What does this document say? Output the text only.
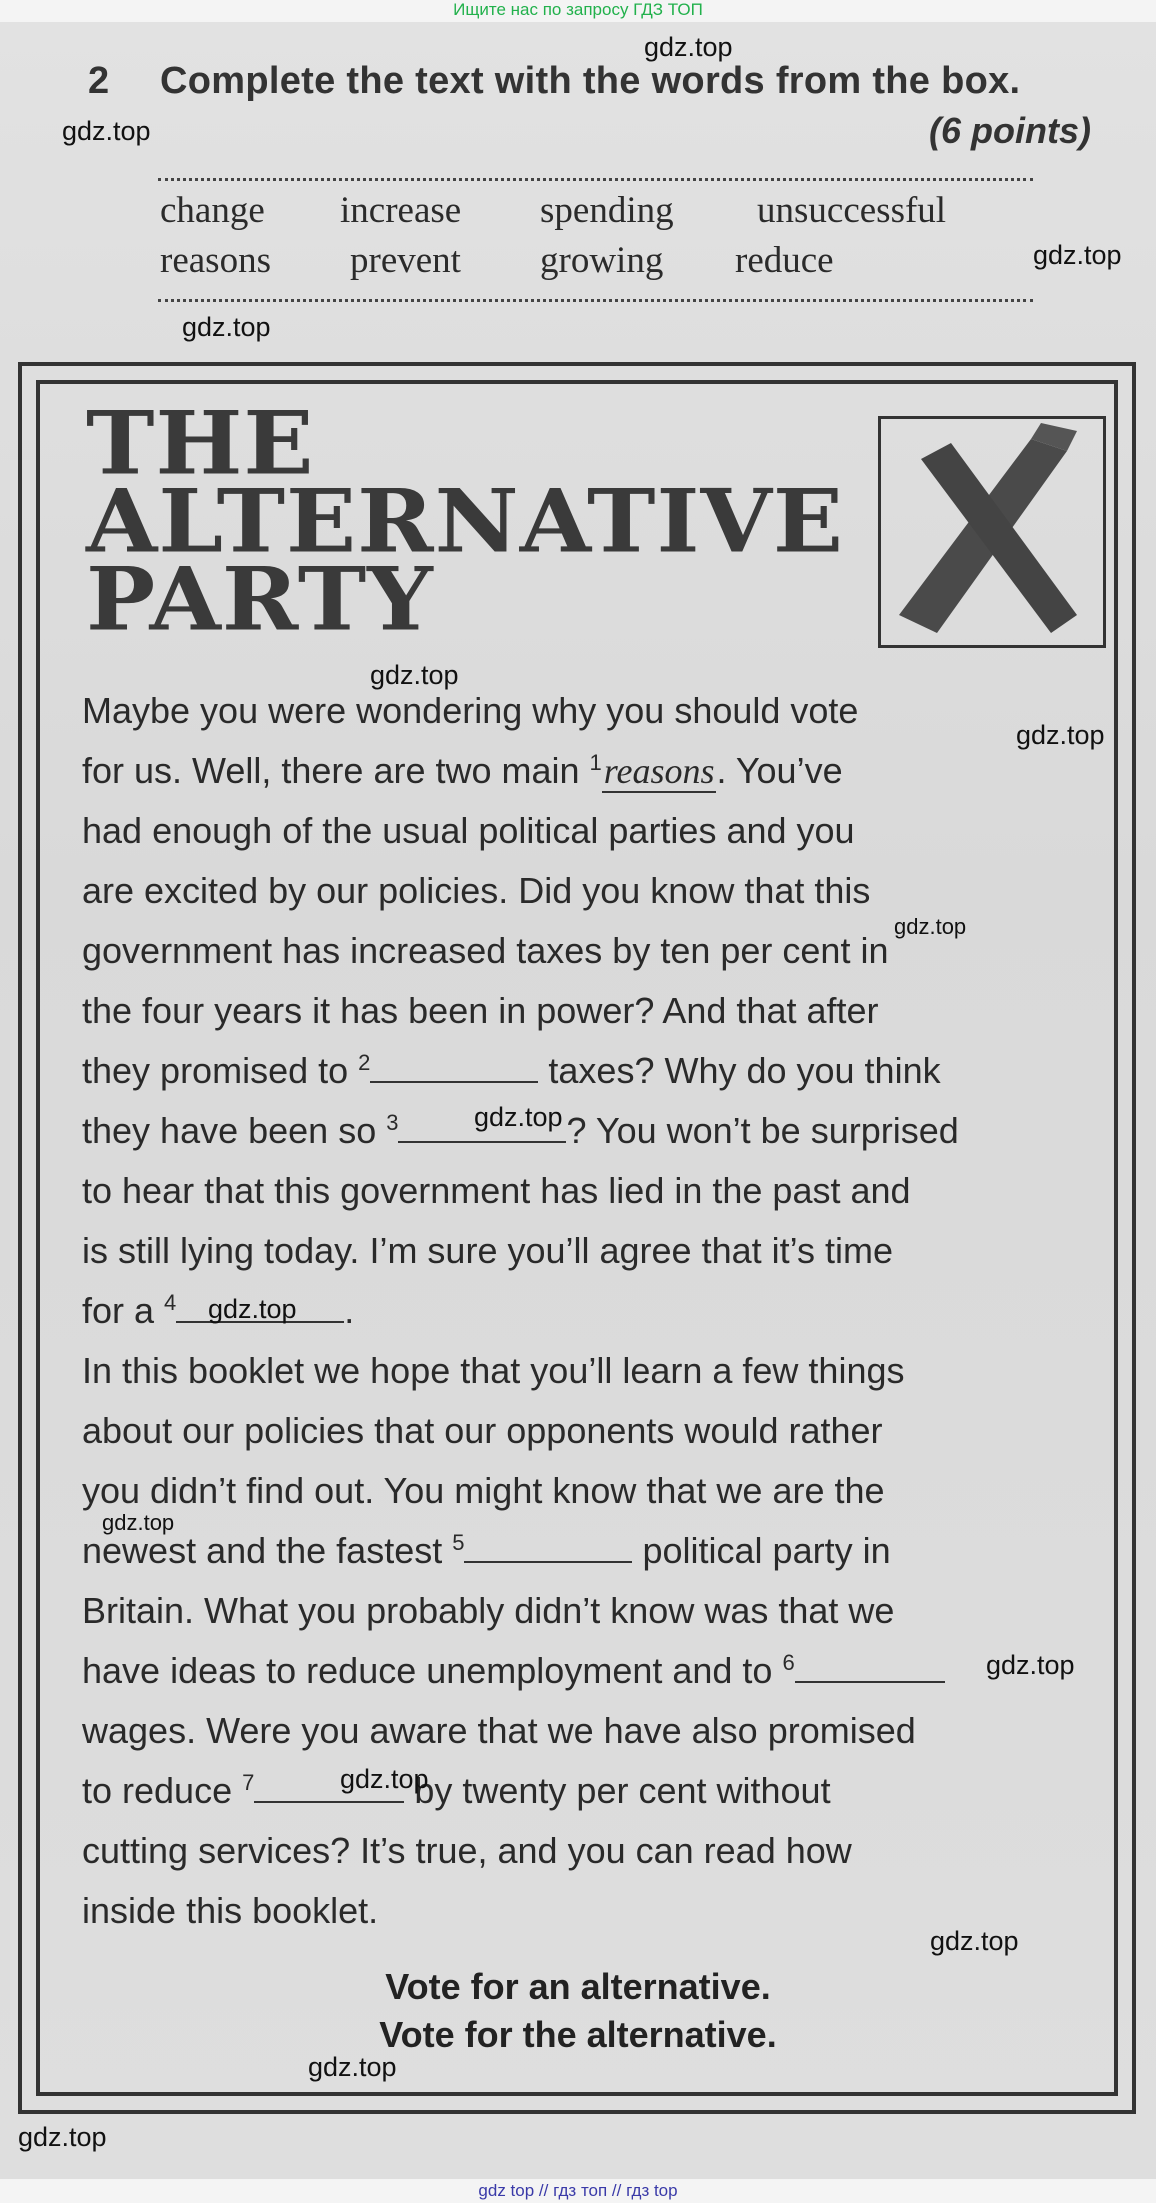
Ищите нас по запросу ГДЗ ТОП
2 Complete the text with the words from the box.
(6 points)
change increase spending unsuccessful
reasons prevent growing reduce
THE
ALTERNATIVE
PARTY
Maybe you were wondering why you should vote
for us. Well, there are two main $^1$reasons. You’ve
had enough of the usual political parties and you
are excited by our policies. Did you know that this
government has increased taxes by ten per cent in
the four years it has been in power? And that after
they promised to $^2$	taxes? Why do you think
they have been so $^3$	? You won’t be surprised
to hear that this government has lied in the past and
is still lying today. I’m sure you’ll agree that it’s time
for a $^4$	.
In this booklet we hope that you’ll learn a few things
about our policies that our opponents would rather
you didn’t find out. You might know that we are the
newest and the fastest $^5$	political party in
Britain. What you probably didn’t know was that we
have ideas to reduce unemployment and to $^6$
wages. Were you aware that we have also promised
to reduce $^7$	by twenty per cent without
cutting services? It’s true, and you can read how
inside this booklet.
Vote for an alternative.
Vote for the alternative.
gdz.top
gdz.top
gdz.top
gdz.top
gdz.top
gdz.top
gdz.top
gdz.top
gdz.top
gdz.top
gdz.top
gdz.top
gdz.top
gdz.top
gdz.top
gdz top // гдз топ // гдз top
